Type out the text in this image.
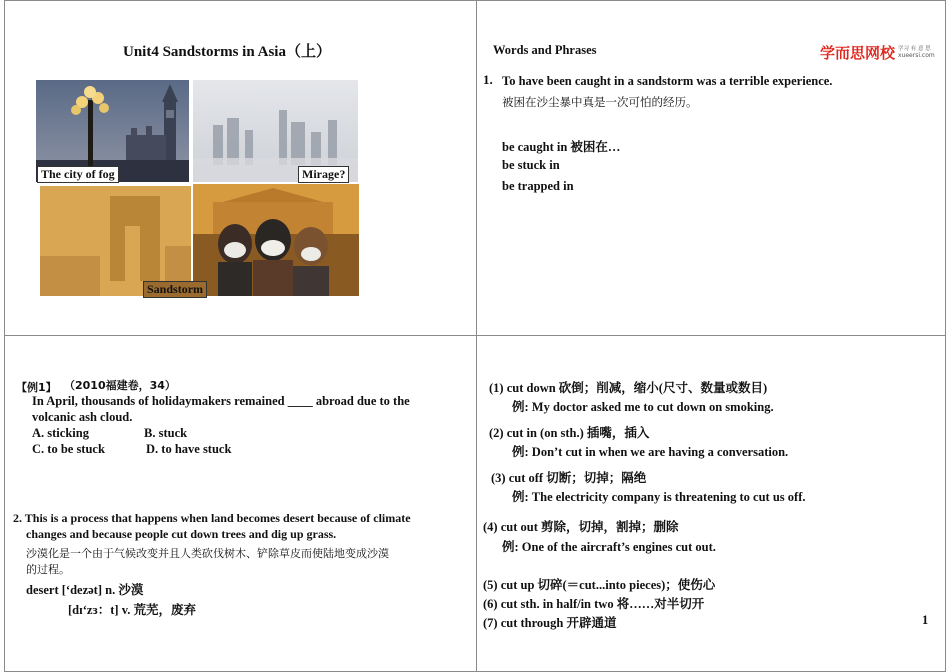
Unit4 Sandstorms in Asia（上）
The city of fog	Mirage?
Sandstorm
Words and Phrases	学而思网校 学习 有 意 思
xueersi.com
1. To have been caught in a sandstorm was a terrible experience.
被困在沙尘暴中真是一次可怕的经历。
be caught in 被困在…
be stuck in
be trapped in
【例1】 （2010福建卷，34）
In April, thousands of holidaymakers remained ____ abroad due to the
volcanic ash cloud.
A. sticking	B. stuck
C. to be stuck	D. to have stuck
2. This is a process that happens when land becomes desert because of climate
changes and because people cut down trees and dig up grass.
沙漠化是一个由于气候改变并且人类砍伐树木、铲除草皮而使陆地变成沙漠
的过程。
desert [‘dezət] n. 沙漠
[dɪ‘zɜ：t] v. 荒芜，废弃
(1) cut down 砍倒；削减，缩小(尺寸、数量或数目)
例: My doctor asked me to cut down on smoking.
(2) cut in (on sth.) 插嘴，插入
例: Don’t cut in when we are having a conversation.
(3) cut off 切断；切掉；隔绝
例: The electricity company is threatening to cut us off.
(4) cut out 剪除，切掉，割掉；删除
例: One of the aircraft’s engines cut out.
(5) cut up 切碎(＝cut...into pieces)；使伤心
(6) cut sth. in half/in two 将……对半切开
(7) cut through 开辟通道	1
